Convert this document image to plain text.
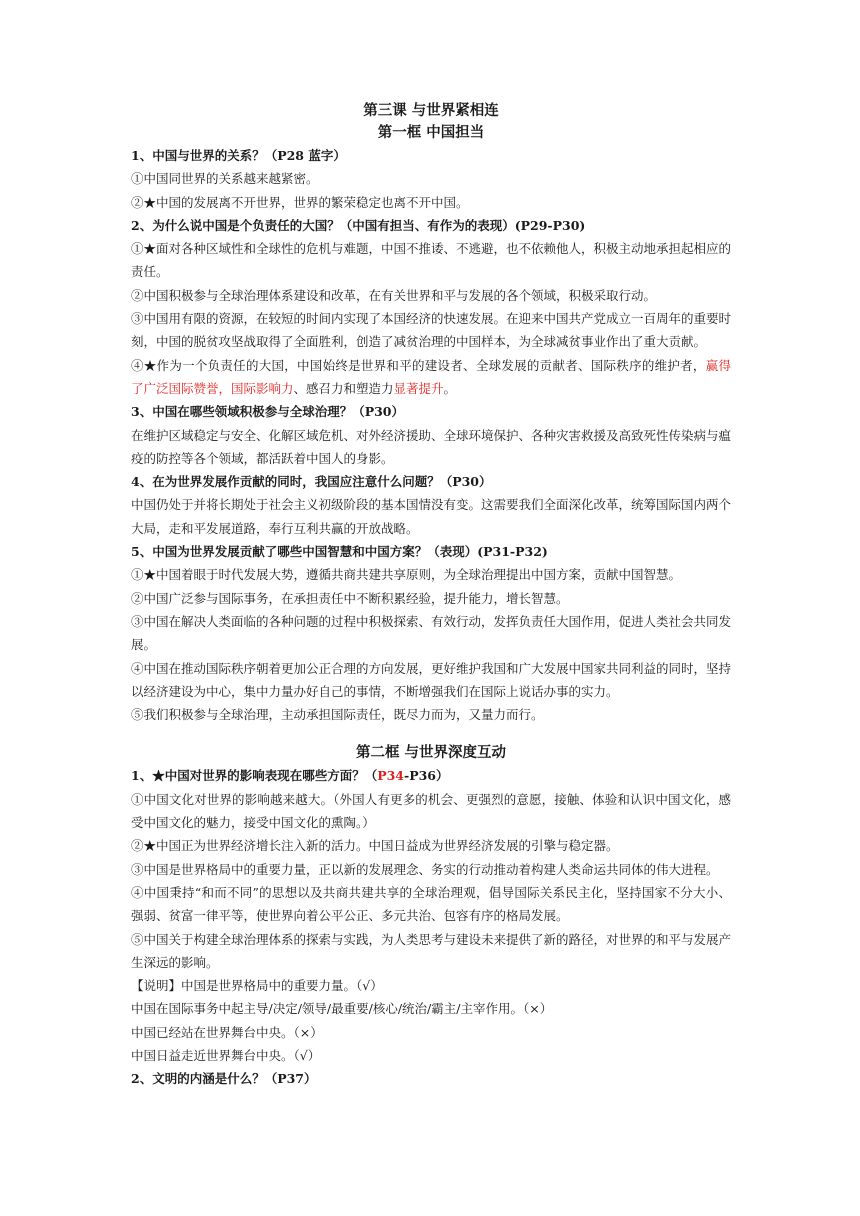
第三课 与世界紧相连

第一框 中国担当

1、中国与世界的关系？（P28 蓝字）

①中国同世界的关系越来越紧密。

②★中国的发展离不开世界，世界的繁荣稳定也离不开中国。

2、为什么说中国是个负责任的大国？（中国有担当、有作为的表现）(P29-P30)

①★面对各种区域性和全球性的危机与难题，中国不推诿、不逃避，也不依赖他人，积极主动地承担起相应的责任。

②中国积极参与全球治理体系建设和改革，在有关世界和平与发展的各个领域，积极采取行动。

③中国用有限的资源，在较短的时间内实现了本国经济的快速发展。在迎来中国共产党成立一百周年的重要时刻，中国的脱贫攻坚战取得了全面胜利，创造了减贫治理的中国样本，为全球减贫事业作出了重大贡献。

④★作为一个负责任的大国，中国始终是世界和平的建设者、全球发展的贡献者、国际秩序的维护者，赢得了广泛国际赞誉，国际影响力、感召力和塑造力显著提升。

3、中国在哪些领域积极参与全球治理？（P30）

在维护区域稳定与安全、化解区域危机、对外经济援助、全球环境保护、各种灾害救援及高致死性传染病与瘟疫的防控等各个领域，都活跃着中国人的身影。

4、在为世界发展作贡献的同时，我国应注意什么问题？（P30）

中国仍处于并将长期处于社会主义初级阶段的基本国情没有变。这需要我们全面深化改革，统筹国际国内两个大局，走和平发展道路，奉行互利共赢的开放战略。

5、中国为世界发展贡献了哪些中国智慧和中国方案？（表现）(P31-P32)

①★中国着眼于时代发展大势，遵循共商共建共享原则，为全球治理提出中国方案，贡献中国智慧。

②中国广泛参与国际事务，在承担责任中不断积累经验，提升能力，增长智慧。

③中国在解决人类面临的各种问题的过程中积极探索、有效行动，发挥负责任大国作用，促进人类社会共同发展。

④中国在推动国际秩序朝着更加公正合理的方向发展，更好维护我国和广大发展中国家共同利益的同时，坚持以经济建设为中心，集中力量办好自己的事情，不断增强我们在国际上说话办事的实力。

⑤我们积极参与全球治理，主动承担国际责任，既尽力而为，又量力而行。

第二框 与世界深度互动

1、★中国对世界的影响表现在哪些方面？（P34-P36）

①中国文化对世界的影响越来越大。（外国人有更多的机会、更强烈的意愿，接触、体验和认识中国文化，感受中国文化的魅力，接受中国文化的熏陶。）

②★中国正为世界经济增长注入新的活力。中国日益成为世界经济发展的引擎与稳定器。

③中国是世界格局中的重要力量，正以新的发展理念、务实的行动推动着构建人类命运共同体的伟大进程。

④中国秉持“和而不同”的思想以及共商共建共享的全球治理观，倡导国际关系民主化，坚持国家不分大小、强弱、贫富一律平等，使世界向着公平公正、多元共治、包容有序的格局发展。

⑤中国关于构建全球治理体系的探索与实践，为人类思考与建设未来提供了新的路径，对世界的和平与发展产生深远的影响。

【说明】中国是世界格局中的重要力量。（√）

中国在国际事务中起主导/决定/领导/最重要/核心/统治/霸主/主宰作用。（×）

中国已经站在世界舞台中央。（×）

中国日益走近世界舞台中央。（√）

2、文明的内涵是什么？（P37）
